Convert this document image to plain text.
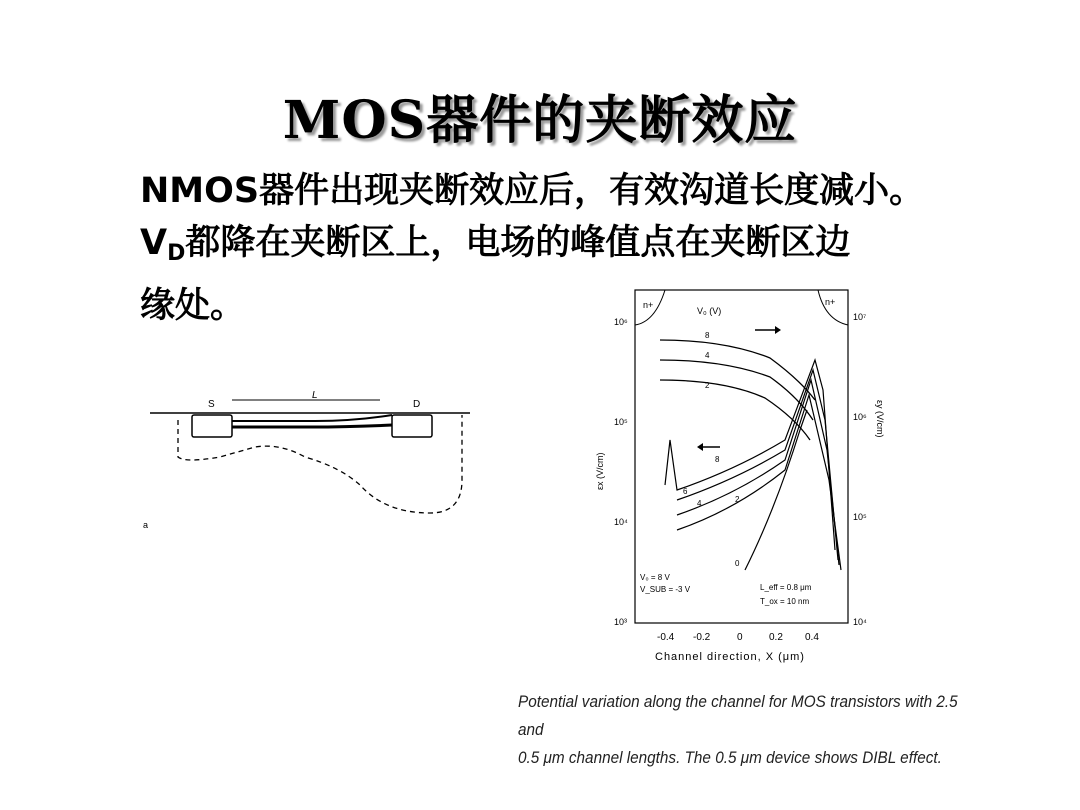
MOS器件的夹断效应
NMOS器件出现夹断效应后，有效沟道长度减小。
$V_D$都降在夹断区上，电场的峰值点在夹断区边
缘处。
S	D
L
a
n+	n+
V₀ (V)
8
4
2
8
6
4	2
0
10⁶
10⁵
10⁴
10³
10⁷
10⁶
10⁵
10⁴
-0.4 -0.2	0	0.2 0.4
Channel direction, X (μm)
εx (V/cm)
εy (V/cm)
V₀ = 8 V
V_SUB = -3 V	L_eff = 0.8 μm
T_ox = 10 nm
Potential variation along the channel for MOS transistors with 2.5 and
0.5 μm channel lengths. The 0.5 μm device shows DIBL effect.
